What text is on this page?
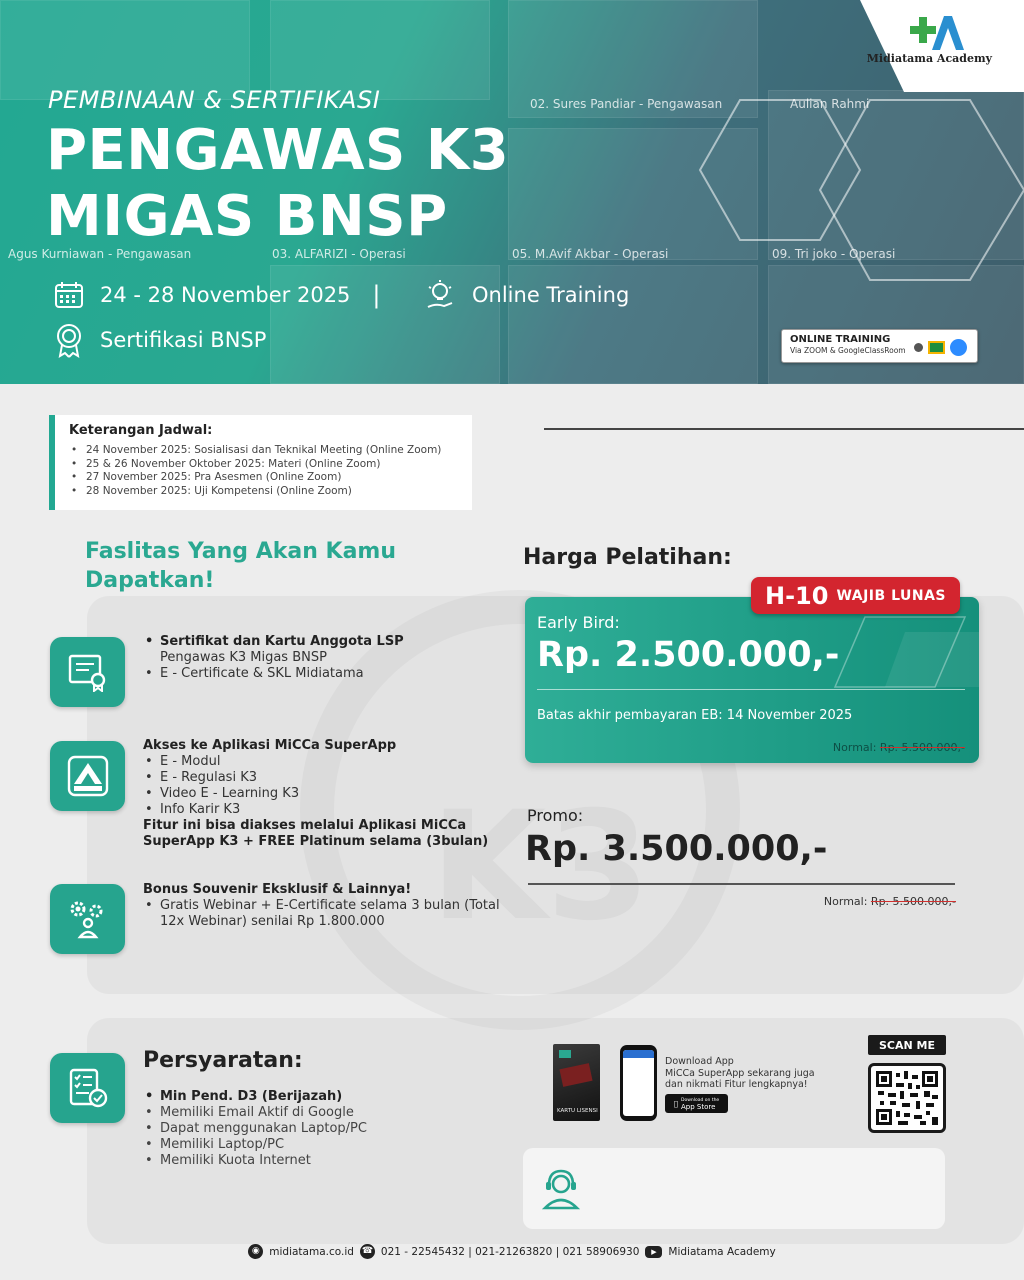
02. Sures Pandiar - Pengawasan	Aulian Rahmi
Agus Kurniawan - Pengawasan	03. ALFARIZI - Operasi	05. M.Avif Akbar - Operasi	09. Tri joko - Operasi
Midiatama Academy
PEMBINAAN & SERTIFIKASI
PENGAWAS K3
MIGAS BNSP
24 - 28 November 2025 |	Online Training
Sertifikasi BNSP	ONLINE TRAINING
Via ZOOM & GoogleClassRoom
Keterangan Jadwal:
• 24 November 2025: Sosialisasi dan Teknikal Meeting (Online Zoom)
• 25 & 26 November Oktober 2025: Materi (Online Zoom)
• 27 November 2025: Pra Asesmen (Online Zoom)
• 28 November 2025: Uji Kompetensi (Online Zoom)
Faslitas Yang Akan Kamu
Dapatkan!
• Sertifikat dan Kartu Anggota LSP
Pengawas K3 Migas BNSP
• E - Certificate & SKL Midiatama
Akses ke Aplikasi MiCCa SuperApp
• E - Modul
• E - Regulasi K3
• Video E - Learning K3
• Info Karir K3
Fitur ini bisa diakses melalui Aplikasi MiCCa
SuperApp K3 + FREE Platinum selama (3bulan)
Bonus Souvenir Eksklusif & Lainnya!
• Gratis Webinar + E-Certificate selama 3 bulan (Total
12x Webinar) senilai Rp 1.800.000
Harga Pelatihan:
Early Bird:
Rp. 2.500.000,-
Batas akhir pembayaran EB: 14 November 2025
Normal: Rp. 5.500.000,-
H-10 WAJIB LUNAS
Promo:
Rp. 3.500.000,-
Normal: Rp. 5.500.000,-
Persyaratan:
• Min Pend. D3 (Berijazah)
• Memiliki Email Aktif di Google
• Dapat menggunakan Laptop/PC
• Memiliki Laptop/PC
• Memiliki Kuota Internet
KARTU LISENSI
Download App
MiCCa SuperApp sekarang juga
dan nikmati Fitur lengkapnya!
Download on the
App Store
SCAN ME
◉ midiatama.co.id ☎ 021 - 22545432 | 021-21263820 | 021 58906930	▶	Midiatama Academy
